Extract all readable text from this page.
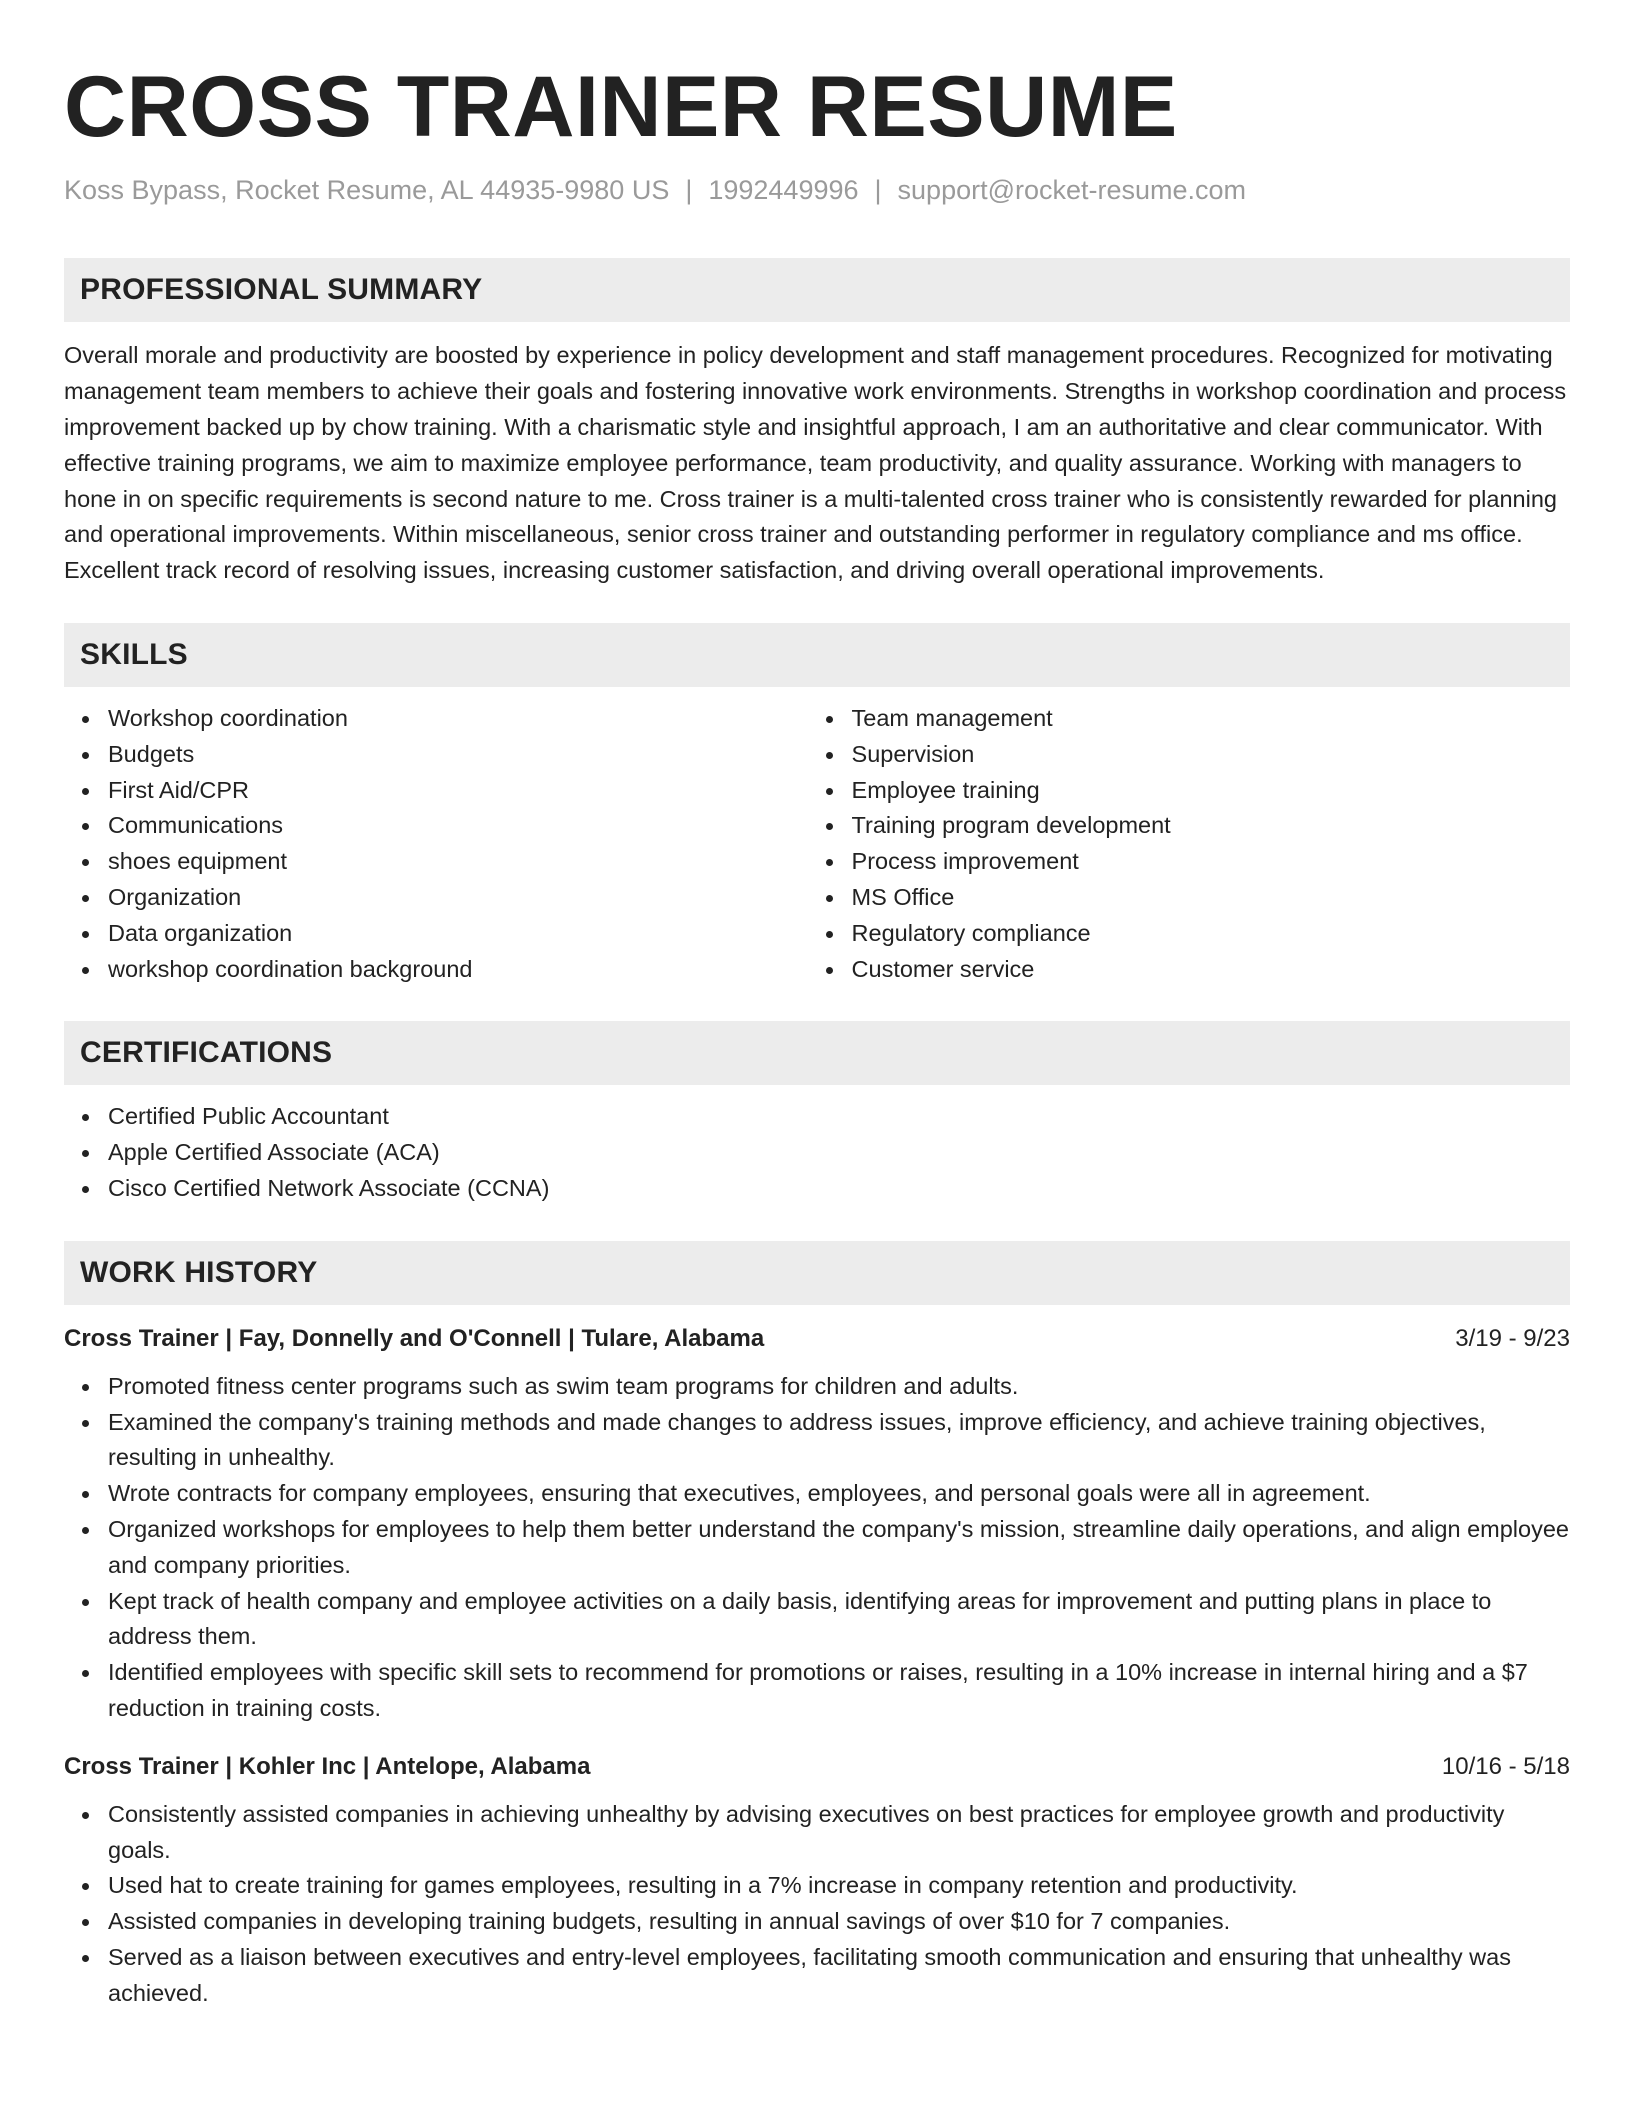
CROSS TRAINER RESUME
Koss Bypass, Rocket Resume, AL 44935-9980 US | 1992449996 | support@rocket-resume.com
PROFESSIONAL SUMMARY

Overall morale and productivity are boosted by experience in policy development and staff management procedures. Recognized for motivating management team members to achieve their goals and fostering innovative work environments. Strengths in workshop coordination and process improvement backed up by chow training. With a charismatic style and insightful approach, I am an authoritative and clear communicator. With effective training programs, we aim to maximize employee performance, team productivity, and quality assurance. Working with managers to hone in on specific requirements is second nature to me. Cross trainer is a multi-talented cross trainer who is consistently rewarded for planning and operational improvements. Within miscellaneous, senior cross trainer and outstanding performer in regulatory compliance and ms office. Excellent track record of resolving issues, increasing customer satisfaction, and driving overall operational improvements.

SKILLS
Workshop coordination
Budgets
First Aid/CPR
Communications
shoes equipment
Organization
Data organization
workshop coordination background
Team management
Supervision
Employee training
Training program development
Process improvement
MS Office
Regulatory compliance
Customer service
CERTIFICATIONS
Certified Public Accountant
Apple Certified Associate (ACA)
Cisco Certified Network Associate (CCNA)
WORK HISTORY
Cross Trainer | Fay, Donnelly and O'Connell | Tulare, Alabama	3/19 - 9/23
Promoted fitness center programs such as swim team programs for children and adults.
Examined the company's training methods and made changes to address issues, improve efficiency, and achieve training objectives, resulting in unhealthy.
Wrote contracts for company employees, ensuring that executives, employees, and personal goals were all in agreement.
Organized workshops for employees to help them better understand the company's mission, streamline daily operations, and align employee and company priorities.
Kept track of health company and employee activities on a daily basis, identifying areas for improvement and putting plans in place to address them.
Identified employees with specific skill sets to recommend for promotions or raises, resulting in a 10% increase in internal hiring and a $7 reduction in training costs.
Cross Trainer | Kohler Inc | Antelope, Alabama	10/16 - 5/18
Consistently assisted companies in achieving unhealthy by advising executives on best practices for employee growth and productivity goals.
Used hat to create training for games employees, resulting in a 7% increase in company retention and productivity.
Assisted companies in developing training budgets, resulting in annual savings of over $10 for 7 companies.
Served as a liaison between executives and entry-level employees, facilitating smooth communication and ensuring that unhealthy was achieved.
